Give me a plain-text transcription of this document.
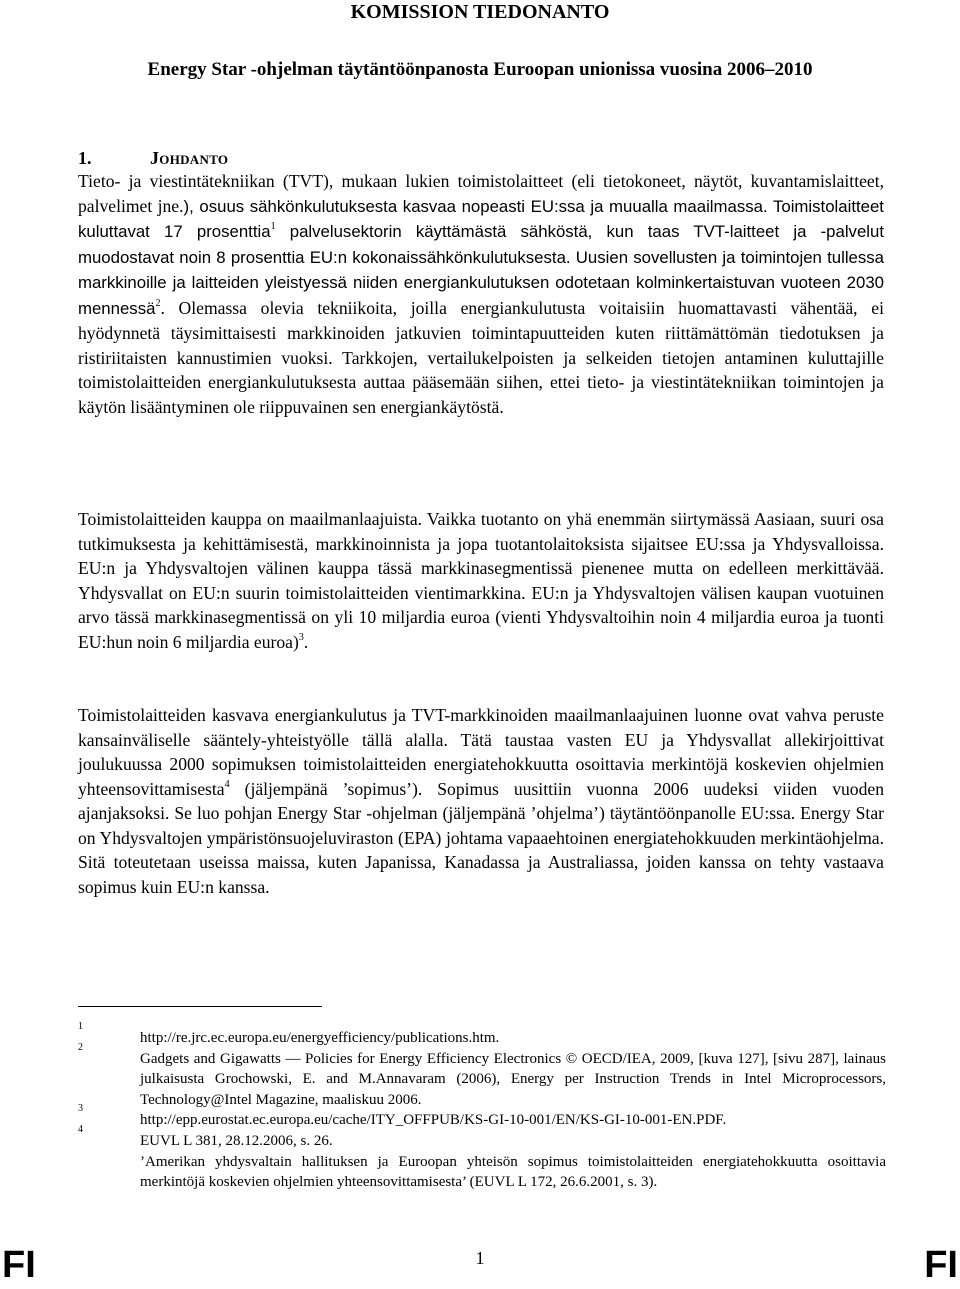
KOMISSION TIEDONANTO
Energy Star -ohjelman täytäntöönpanosta Euroopan unionissa vuosina 2006–2010
1.	Johdanto

Tieto- ja viestintätekniikan (TVT), mukaan lukien toimistolaitteet (eli tietokoneet, näytöt, kuvantamislaitteet, palvelimet jne.), osuus sähkönkulutuksesta kasvaa nopeasti EU:ssa ja muualla maailmassa. Toimistolaitteet kuluttavat 17 prosenttia$^1$ palvelusektorin käyttämästä sähköstä, kun taas TVT-laitteet ja -palvelut muodostavat noin 8 prosenttia EU:n kokonaissähkönkulutuksesta. Uusien sovellusten ja toimintojen tullessa markkinoille ja laitteiden yleistyessä niiden energiankulutuksen odotetaan kolminkertaistuvan vuoteen 2030 mennessä$^2$. Olemassa olevia tekniikoita, joilla energiankulutusta voitaisiin huomattavasti vähentää, ei hyödynnetä täysimittaisesti markkinoiden jatkuvien toimintapuutteiden kuten riittämättömän tiedotuksen ja ristiriitaisten kannustimien vuoksi. Tarkkojen, vertailukelpoisten ja selkeiden tietojen antaminen kuluttajille toimistolaitteiden energiankulutuksesta auttaa pääsemään siihen, ettei tieto- ja viestintätekniikan toimintojen ja käytön lisääntyminen ole riippuvainen sen energiankäytöstä.

Toimistolaitteiden kauppa on maailmanlaajuista. Vaikka tuotanto on yhä enemmän siirtymässä Aasiaan, suuri osa tutkimuksesta ja kehittämisestä, markkinoinnista ja jopa tuotantolaitoksista sijaitsee EU:ssa ja Yhdysvalloissa. EU:n ja Yhdysvaltojen välinen kauppa tässä markkinasegmentissä pienenee mutta on edelleen merkittävää. Yhdysvallat on EU:n suurin toimistolaitteiden vientimarkkina. EU:n ja Yhdysvaltojen välisen kaupan vuotuinen arvo tässä markkinasegmentissä on yli 10 miljardia euroa (vienti Yhdysvaltoihin noin 4 miljardia euroa ja tuonti EU:hun noin 6 miljardia euroa)$^3$.

Toimistolaitteiden kasvava energiankulutus ja TVT-markkinoiden maailmanlaajuinen luonne ovat vahva peruste kansainväliselle sääntely-yhteistyölle tällä alalla. Tätä taustaa vasten EU ja Yhdysvallat allekirjoittivat joulukuussa 2000 sopimuksen toimistolaitteiden energiatehokkuutta osoittavia merkintöjä koskevien ohjelmien yhteensovittamisesta$^4$ (jäljempänä ’sopimus’). Sopimus uusittiin vuonna 2006 uudeksi viiden vuoden ajanjaksoksi. Se luo pohjan Energy Star -ohjelman (jäljempänä ’ohjelma’) täytäntöönpanolle EU:ssa. Energy Star on Yhdysvaltojen ympäristönsuojeluviraston (EPA) johtama vapaaehtoinen energiatehokkuuden merkintäohjelma. Sitä toteutetaan useissa maissa, kuten Japanissa, Kanadassa ja Australiassa, joiden kanssa on tehty vastaava sopimus kuin EU:n kanssa.

1
http://re.jrc.ec.europa.eu/energyefficiency/publications.htm.
2
Gadgets and Gigawatts — Policies for Energy Efficiency Electronics © OECD/IEA, 2009, [kuva 127], [sivu 287], lainaus julkaisusta Grochowski, E. and M.Annavaram (2006), Energy per Instruction Trends in Intel Microprocessors, Technology@Intel Magazine, maaliskuu 2006.
3
http://epp.eurostat.ec.europa.eu/cache/ITY_OFFPUB/KS-GI-10-001/EN/KS-GI-10-001-EN.PDF.
4
EUVL L 381, 28.12.2006, s. 26.
’Amerikan yhdysvaltain hallituksen ja Euroopan yhteisön sopimus toimistolaitteiden energiatehokkuutta osoittavia merkintöjä koskevien ohjelmien yhteensovittamisesta’ (EUVL L 172, 26.6.2001, s. 3).
FI	1	FI
